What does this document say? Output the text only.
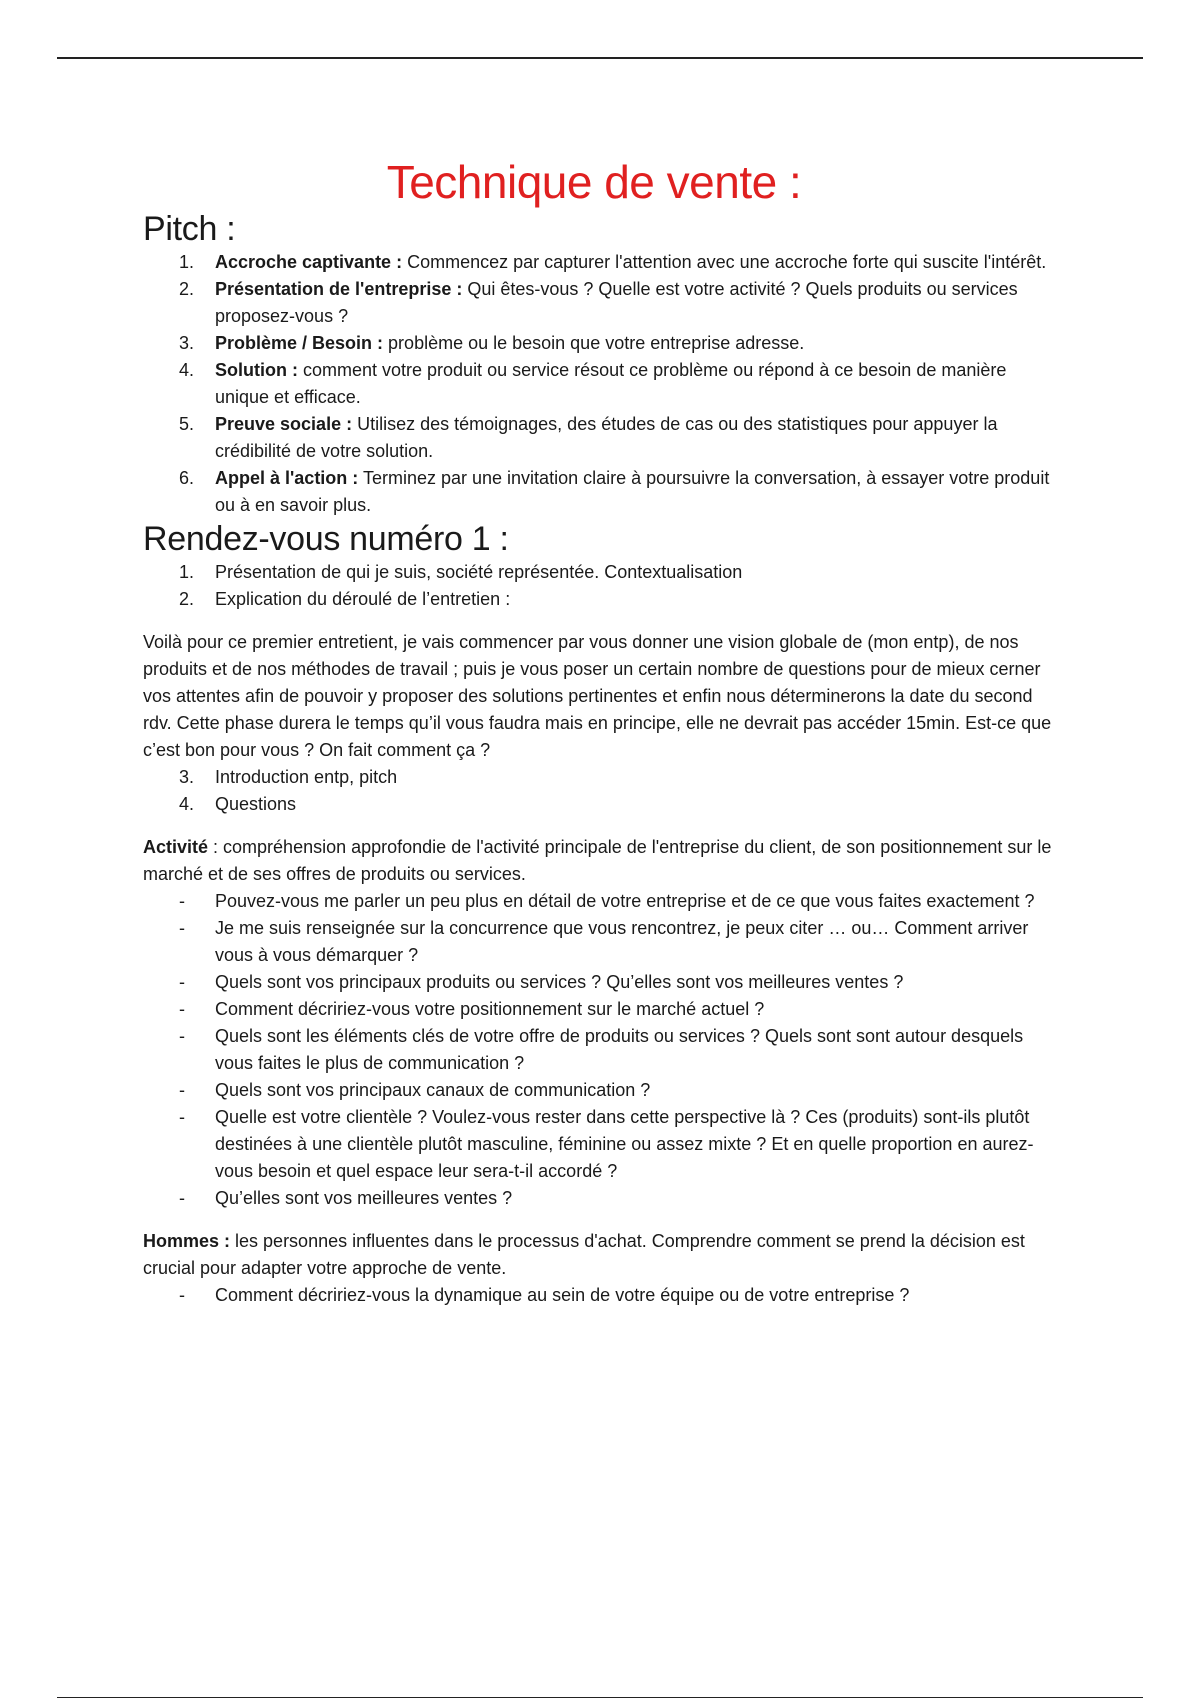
Technique de vente :
Pitch :
1. Accroche captivante : Commencez par capturer l'attention avec une accroche forte qui suscite l'intérêt.
2. Présentation de l'entreprise : Qui êtes-vous ? Quelle est votre activité ? Quels produits ou services proposez-vous ?
3. Problème / Besoin : problème ou le besoin que votre entreprise adresse.
4. Solution : comment votre produit ou service résout ce problème ou répond à ce besoin de manière unique et efficace.
5. Preuve sociale : Utilisez des témoignages, des études de cas ou des statistiques pour appuyer la crédibilité de votre solution.
6. Appel à l'action : Terminez par une invitation claire à poursuivre la conversation, à essayer votre produit ou à en savoir plus.
Rendez-vous numéro 1 :
1. Présentation de qui je suis, société représentée. Contextualisation
2. Explication du déroulé de l’entretien :

Voilà pour ce premier entretient, je vais commencer par vous donner une vision globale de (mon entp), de nos produits et de nos méthodes de travail ; puis je vous poser un certain nombre de questions pour de mieux cerner vos attentes afin de pouvoir y proposer des solutions pertinentes et enfin nous déterminerons la date du second rdv. Cette phase durera le temps qu’il vous faudra mais en principe, elle ne devrait pas accéder 15min. Est-ce que c’est bon pour vous ? On fait comment ça ?

3. Introduction entp, pitch
4. Questions

Activité : compréhension approfondie de l'activité principale de l'entreprise du client, de son positionnement sur le marché et de ses offres de produits ou services.

- Pouvez-vous me parler un peu plus en détail de votre entreprise et de ce que vous faites exactement ?
- Je me suis renseignée sur la concurrence que vous rencontrez, je peux citer … ou… Comment arriver vous à vous démarquer ?
- Quels sont vos principaux produits ou services ? Qu’elles sont vos meilleures ventes ?
- Comment décririez-vous votre positionnement sur le marché actuel ?
- Quels sont les éléments clés de votre offre de produits ou services ? Quels sont sont autour desquels vous faites le plus de communication ?
- Quels sont vos principaux canaux de communication ?
- Quelle est votre clientèle ? Voulez-vous rester dans cette perspective là ? Ces (produits) sont-ils plutôt destinées à une clientèle plutôt masculine, féminine ou assez mixte ? Et en quelle proportion en aurez-vous besoin et quel espace leur sera-t-il accordé ?
- Qu’elles sont vos meilleures ventes ?

Hommes : les personnes influentes dans le processus d'achat. Comprendre comment se prend la décision est crucial pour adapter votre approche de vente.

- Comment décririez-vous la dynamique au sein de votre équipe ou de votre entreprise ?
